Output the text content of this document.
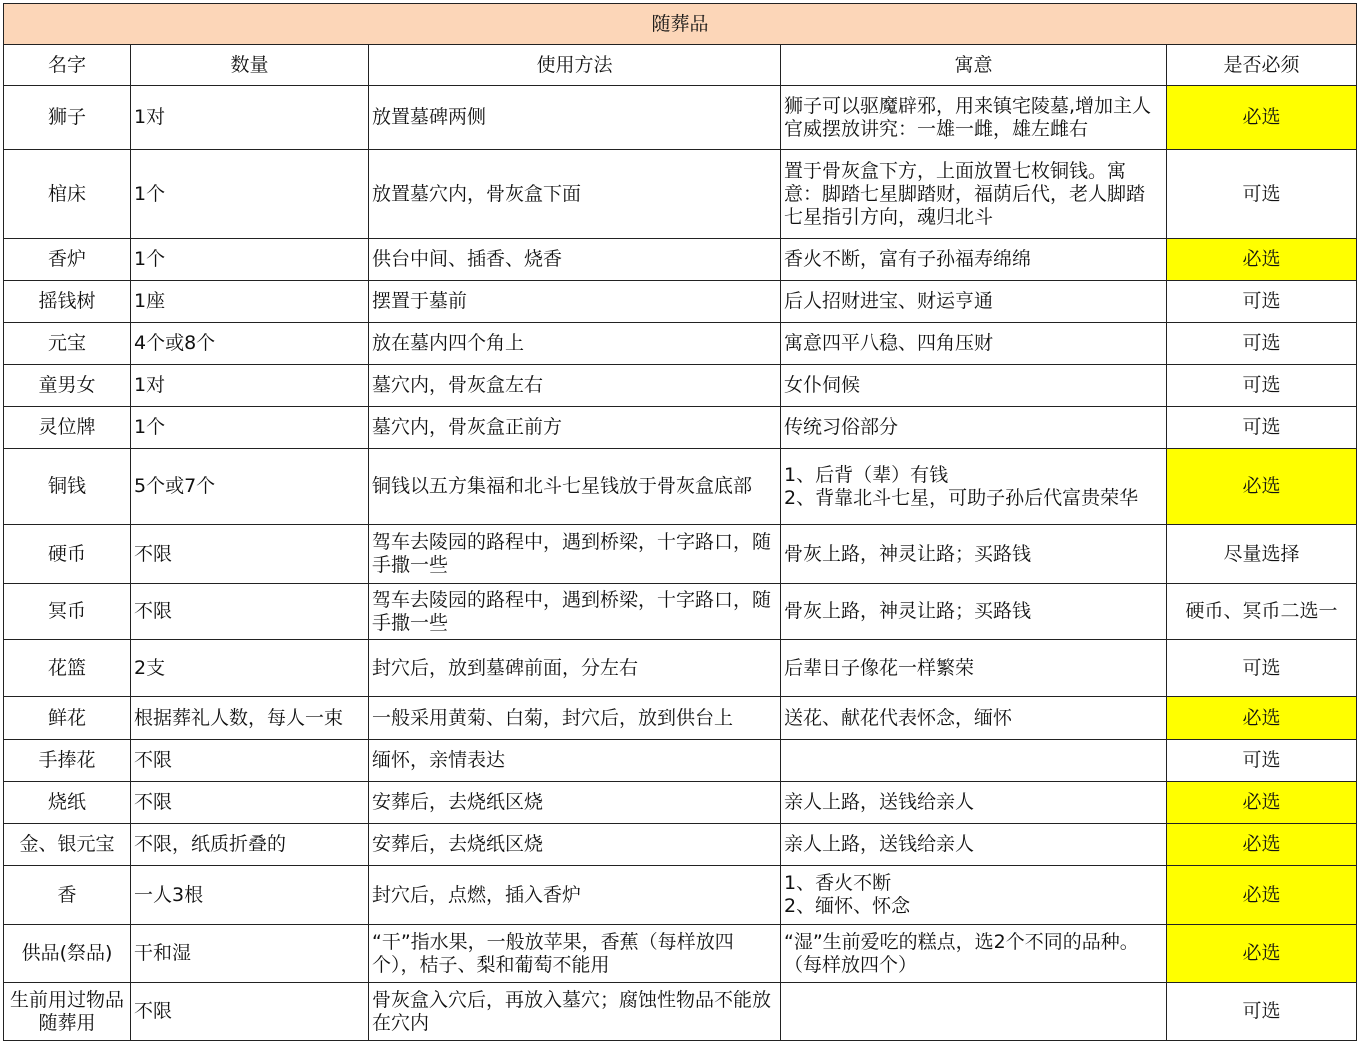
随葬品				
名字	数量	使用方法	寓意	是否必须
狮子	1对	放置墓碑两侧	狮子可以驱魔辟邪，用来镇宅陵墓,增加主人官威摆放讲究：一雄一雌，雄左雌右	必选
棺床	1个	放置墓穴内，骨灰盒下面	置于骨灰盒下方，上面放置七枚铜钱。寓意：脚踏七星脚踏财，福荫后代，老人脚踏七星指引方向，魂归北斗	可选
香炉	1个	供台中间、插香、烧香	香火不断，富有子孙福寿绵绵	必选
摇钱树	1座	摆置于墓前	后人招财进宝、财运亨通	可选
元宝	4个或8个	放在墓内四个角上	寓意四平八稳、四角压财	可选
童男女	1对	墓穴内，骨灰盒左右	女仆伺候	可选
灵位牌	1个	墓穴内，骨灰盒正前方	传统习俗部分	可选
铜钱	5个或7个	铜钱以五方集福和北斗七星钱放于骨灰盒底部	1、后背（辈）有钱
2、背靠北斗七星，可助子孙后代富贵荣华	必选
硬币	不限	驾车去陵园的路程中，遇到桥梁，十字路口，随手撒一些	骨灰上路，神灵让路；买路钱	尽量选择
冥币	不限	驾车去陵园的路程中，遇到桥梁，十字路口，随手撒一些	骨灰上路，神灵让路；买路钱	硬币、冥币二选一
花篮	2支	封穴后，放到墓碑前面，分左右	后辈日子像花一样繁荣	可选
鲜花	根据葬礼人数，每人一束	一般采用黄菊、白菊，封穴后，放到供台上	送花、献花代表怀念，缅怀	必选
手捧花	不限	缅怀，亲情表达		可选
烧纸	不限	安葬后，去烧纸区烧	亲人上路，送钱给亲人	必选
金、银元宝	不限，纸质折叠的	安葬后，去烧纸区烧	亲人上路，送钱给亲人	必选
香	一人3根	封穴后，点燃，插入香炉	1、香火不断
2、缅怀、怀念	必选
供品(祭品)	干和湿	“干”指水果，一般放苹果，香蕉（每样放四个），桔子、梨和葡萄不能用	“湿”生前爱吃的糕点，选2个不同的品种。（每样放四个）	必选
生前用过物品随葬用	不限	骨灰盒入穴后，再放入墓穴；腐蚀性物品不能放在穴内		可选
